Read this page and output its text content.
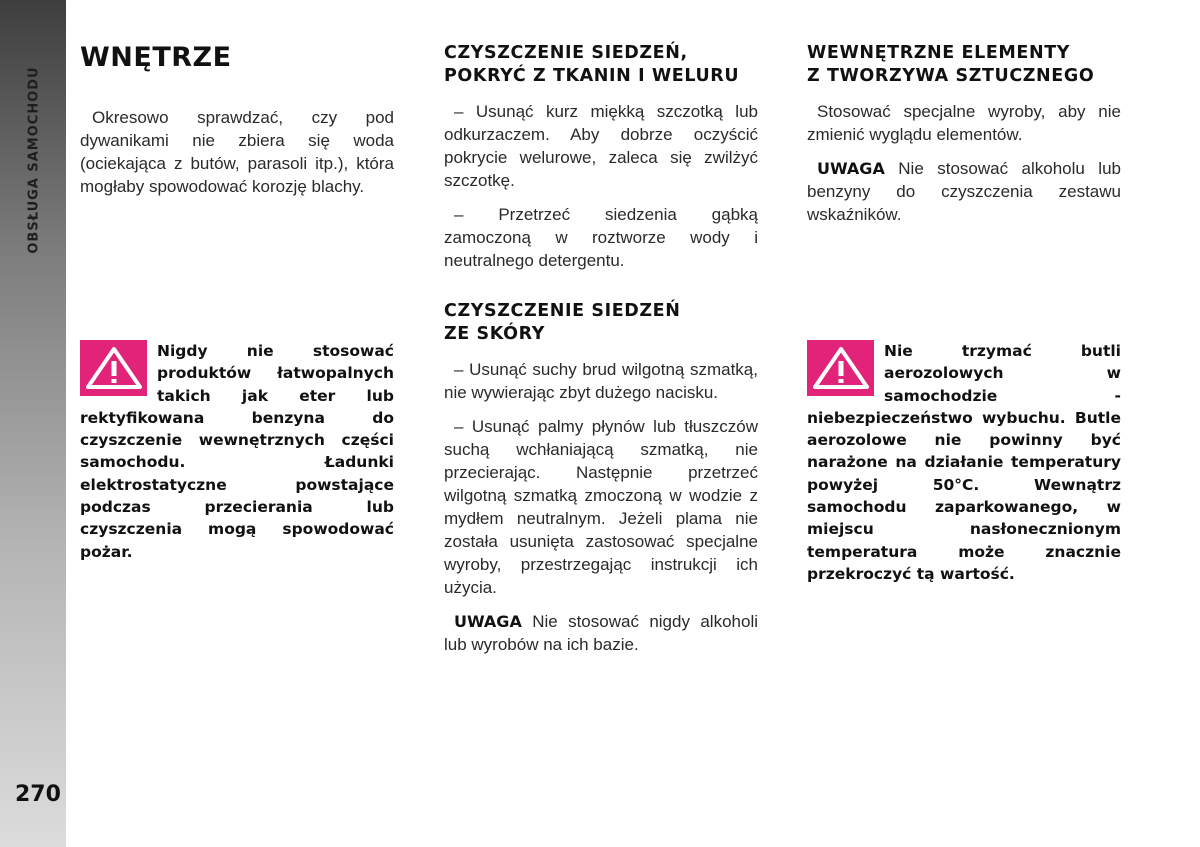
OBSŁUGA SAMOCHODU
270
WNĘTRZE

Okresowo sprawdzać, czy pod dywanikami nie zbiera się woda (ociekająca z butów, parasoli itp.), która mogłaby spowodować korozję blachy.

Nigdy nie stosować produktów łatwopalnych takich jak eter lub rektyfikowana benzyna do czyszczenie wewnętrznych części samochodu. Ładunki elektrostatyczne powstające podczas przecierania lub czyszczenia mogą spowodować pożar.

CZYSZCZENIE SIEDZEŃ,
POKRYĆ Z TKANIN I WELURU

– Usunąć kurz miękką szczotką lub odkurzaczem. Aby dobrze oczyścić pokrycie welurowe, zaleca się zwilżyć szczotkę.

– Przetrzeć siedzenia gąbką zamoczoną w roztworze wody i neutralnego detergentu.

CZYSZCZENIE SIEDZEŃ
ZE SKÓRY

– Usunąć suchy brud wilgotną szmatką, nie wywierając zbyt dużego nacisku.

– Usunąć palmy płynów lub tłuszczów suchą wchłaniającą szmatką, nie przecierając. Następnie przetrzeć wilgotną szmatką zmoczoną w wodzie z mydłem neutralnym. Jeżeli plama nie została usunięta zastosować specjalne wyroby, przestrzegając instrukcji ich użycia.

UWAGA Nie stosować nigdy alkoholi lub wyrobów na ich bazie.

WEWNĘTRZNE ELEMENTY
Z TWORZYWA SZTUCZNEGO

Stosować specjalne wyroby, aby nie zmienić wyglądu elementów.

UWAGA Nie stosować alkoholu lub benzyny do czyszczenia zestawu wskaźników.

Nie trzymać butli aerozolowych w samochodzie - niebezpieczeństwo wybuchu. Butle aerozolowe nie powinny być narażone na działanie temperatury powyżej 50°C. Wewnątrz samochodu zaparkowanego, w miejscu nasłonecznionym temperatura może znacznie przekroczyć tą wartość.
